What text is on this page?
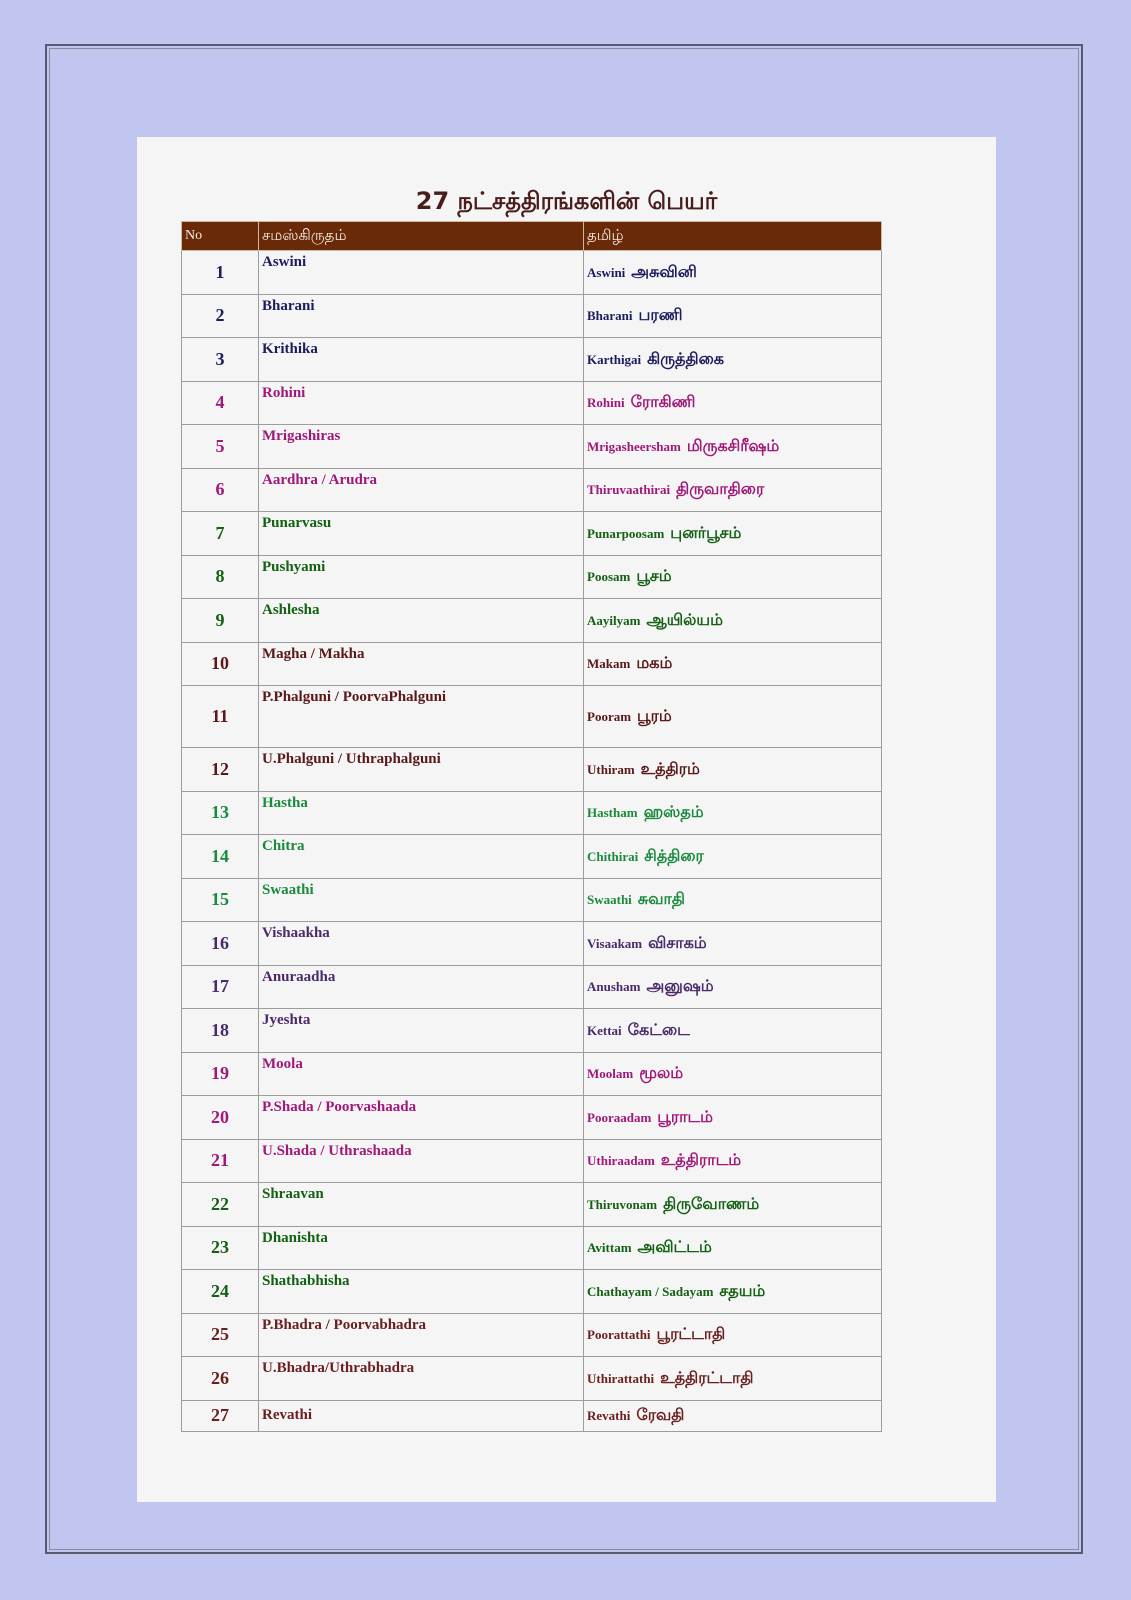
27 நட்சத்திரங்களின் பெயர்
No	சமஸ்கிருதம்	தமிழ்
1	Aswini	Aswini அசுவினி
2	Bharani	Bharani பரணி
3	Krithika	Karthigai கிருத்திகை
4	Rohini	Rohini ரோகிணி
5	Mrigashiras	Mrigasheersham மிருகசிரீஷம்
6	Aardhra / Arudra	Thiruvaathirai திருவாதிரை
7	Punarvasu	Punarpoosam புனர்பூசம்
8	Pushyami	Poosam பூசம்
9	Ashlesha	Aayilyam ஆயில்யம்
10	Magha / Makha	Makam மகம்
11	P.Phalguni / PoorvaPhalguni	Pooram பூரம்
12	U.Phalguni / Uthraphalguni	Uthiram உத்திரம்
13	Hastha	Hastham ஹஸ்தம்
14	Chitra	Chithirai சித்திரை
15	Swaathi	Swaathi சுவாதி
16	Vishaakha	Visaakam விசாகம்
17	Anuraadha	Anusham அனுஷம்
18	Jyeshta	Kettai கேட்டை
19	Moola	Moolam மூலம்
20	P.Shada / Poorvashaada	Pooraadam பூராடம்
21	U.Shada / Uthrashaada	Uthiraadam உத்திராடம்
22	Shraavan	Thiruvonam திருவோணம்
23	Dhanishta	Avittam அவிட்டம்
24	Shathabhisha	Chathayam / Sadayam சதயம்
25	P.Bhadra / Poorvabhadra	Poorattathi பூரட்டாதி
26	U.Bhadra/Uthrabhadra	Uthirattathi உத்திரட்டாதி
27	Revathi	Revathi ரேவதி
